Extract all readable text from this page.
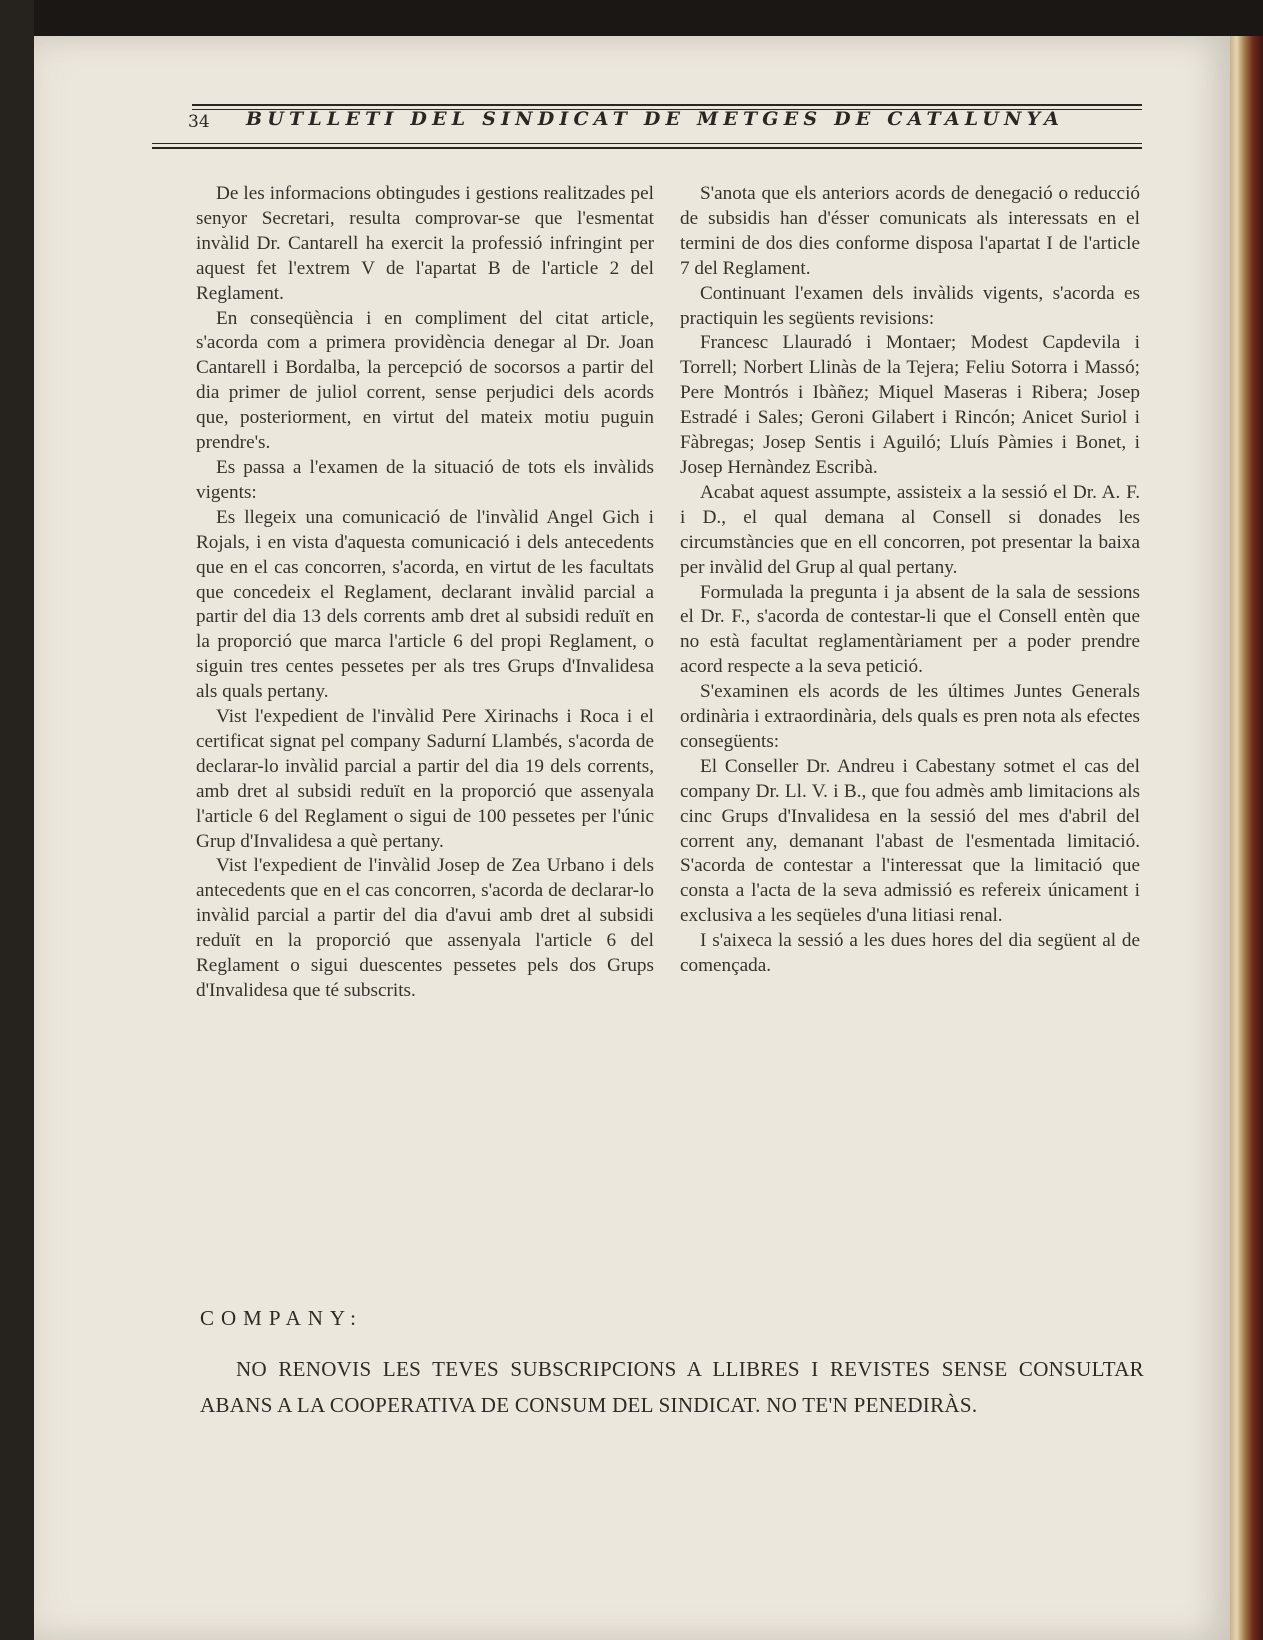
34 BUTLLETI DEL SINDICAT DE METGES DE CATALUNYA

De les informacions obtingudes i gestions realitzades pel senyor Secretari, resulta comprovar-se que l'esmentat invàlid Dr. Cantarell ha exercit la professió infringint per aquest fet l'extrem V de l'apartat B de l'article 2 del Reglament.

En conseqüència i en compliment del citat article, s'acorda com a primera providència denegar al Dr. Joan Cantarell i Bordalba, la percepció de socorsos a partir del dia primer de juliol corrent, sense perjudici dels acords que, posteriorment, en virtut del mateix motiu puguin prendre's.

Es passa a l'examen de la situació de tots els invàlids vigents:

Es llegeix una comunicació de l'invàlid Angel Gich i Rojals, i en vista d'aquesta comunicació i dels antecedents que en el cas concorren, s'acorda, en virtut de les facultats que concedeix el Reglament, declarant invàlid parcial a partir del dia 13 dels corrents amb dret al subsidi reduït en la proporció que marca l'article 6 del propi Reglament, o siguin tres centes pessetes per als tres Grups d'Invalidesa als quals pertany.

Vist l'expedient de l'invàlid Pere Xirinachs i Roca i el certificat signat pel company Sadurní Llambés, s'acorda de declarar-lo invàlid parcial a partir del dia 19 dels corrents, amb dret al subsidi reduït en la proporció que assenyala l'article 6 del Reglament o sigui de 100 pessetes per l'únic Grup d'Invalidesa a què pertany.

Vist l'expedient de l'invàlid Josep de Zea Urbano i dels antecedents que en el cas concorren, s'acorda de declarar-lo invàlid parcial a partir del dia d'avui amb dret al subsidi reduït en la proporció que assenyala l'article 6 del Reglament o sigui duescentes pessetes pels dos Grups d'Invalidesa que té subscrits.

S'anota que els anteriors acords de denegació o reducció de subsidis han d'ésser comunicats als interessats en el termini de dos dies conforme disposa l'apartat I de l'article 7 del Reglament.

Continuant l'examen dels invàlids vigents, s'acorda es practiquin les següents revisions:

Francesc Llauradó i Montaer; Modest Capdevila i Torrell; Norbert Llinàs de la Tejera; Feliu Sotorra i Massó; Pere Montrós i Ibàñez; Miquel Maseras i Ribera; Josep Estradé i Sales; Geroni Gilabert i Rincón; Anicet Suriol i Fàbregas; Josep Sentis i Aguiló; Lluís Pàmies i Bonet, i Josep Hernàndez Escribà.

Acabat aquest assumpte, assisteix a la sessió el Dr. A. F. i D., el qual demana al Consell si donades les circumstàncies que en ell concorren, pot presentar la baixa per invàlid del Grup al qual pertany.

Formulada la pregunta i ja absent de la sala de sessions el Dr. F., s'acorda de contestar-li que el Consell entèn que no està facultat reglamentàriament per a poder prendre acord respecte a la seva petició.

S'examinen els acords de les últimes Juntes Generals ordinària i extraordinària, dels quals es pren nota als efectes consegüents:

El Conseller Dr. Andreu i Cabestany sotmet el cas del company Dr. Ll. V. i B., que fou admès amb limitacions als cinc Grups d'Invalidesa en la sessió del mes d'abril del corrent any, demanant l'abast de l'esmentada limitació. S'acorda de contestar a l'interessat que la limitació que consta a l'acta de la seva admissió es refereix únicament i exclusiva a les seqüeles d'una litiasi renal.

I s'aixeca la sessió a les dues hores del dia següent al de començada.

COMPANY:
NO RENOVIS LES TEVES SUBSCRIPCIONS A LLIBRES I REVISTES SENSE CONSULTAR ABANS A LA COOPERATIVA DE CONSUM DEL SINDICAT. NO TE'N PENEDIRÀS.
